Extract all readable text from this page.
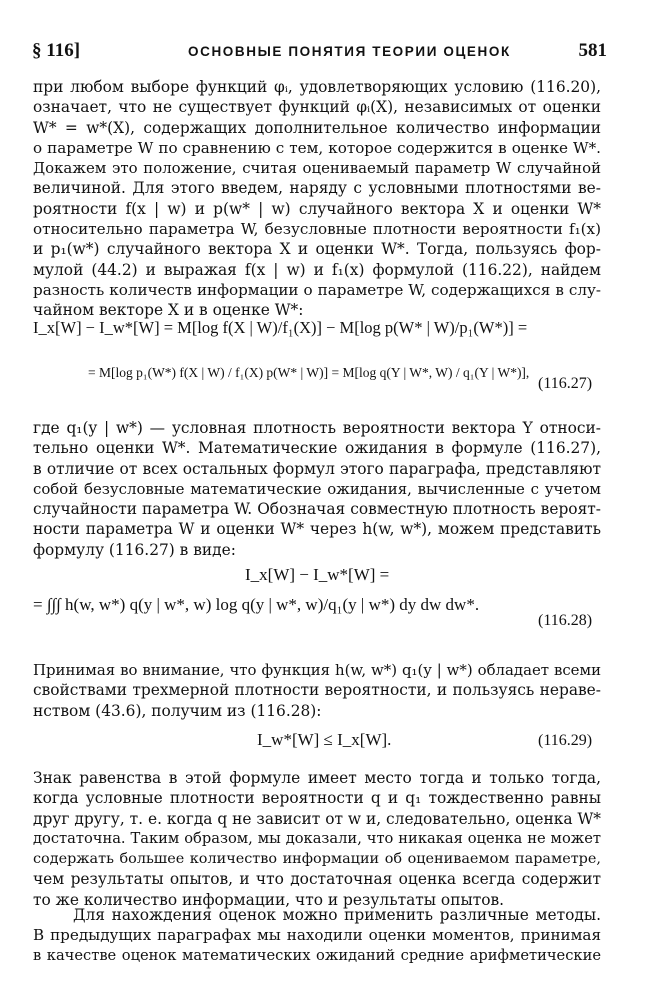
§ 116]	ОСНОВНЫЕ ПОНЯТИЯ ТЕОРИИ ОЦЕНОК	581
при любом выборе функций φᵢ, удовлетворяющих условию (116.20),
означает, что не существует функций φᵢ(X), независимых от оценки
W* = w*(X), содержащих дополнительное количество информации
о параметре W по сравнению с тем, которое содержится в оценке W*.
Докажем это положение, считая оцениваемый параметр W случайной
величиной. Для этого введем, наряду с условными плотностями ве-
роятности f(x | w) и p(w* | w) случайного вектора X и оценки W*
относительно параметра W, безусловные плотности вероятности f₁(x)
и p₁(w*) случайного вектора X и оценки W*. Тогда, пользуясь фор-
мулой (44.2) и выражая f(x | w) и f₁(x) формулой (116.22), найдем
разность количеств информации о параметре W, содержащихся в слу-
чайном векторе X и в оценке W*:
I_x[W] − I_w*[W] = M[log f(X | W)/f₁(X)] − M[log p(W* | W)/p₁(W*)] =
= M[log p₁(W*) f(X | W) / f₁(X) p(W* | W)] = M[log q(Y | W*, W) / q₁(Y | W*)],
(116.27)
где q₁(y | w*) — условная плотность вероятности вектора Y относи-
тельно оценки W*. Математические ожидания в формуле (116.27),
в отличие от всех остальных формул этого параграфа, представляют
собой безусловные математические ожидания, вычисленные с учетом
случайности параметра W. Обозначая совместную плотность вероят-
ности параметра W и оценки W* через h(w, w*), можем представить
формулу (116.27) в виде:
I_x[W] − I_w*[W] =
= ∫∫∫ h(w, w*) q(y | w*, w) log q(y | w*, w)/q₁(y | w*) dy dw dw*.
(116.28)
Принимая во внимание, что функция h(w, w*) q₁(y | w*) обладает всеми
свойствами трехмерной плотности вероятности, и пользуясь нераве-
нством (43.6), получим из (116.28):
I_w*[W] ≤ I_x[W].	(116.29)
Знак равенства в этой формуле имеет место тогда и только тогда,
когда условные плотности вероятности q и q₁ тождественно равны
друг другу, т. е. когда q не зависит от w и, следовательно, оценка W*
достаточна. Таким образом, мы доказали, что никакая оценка не может
содержать большее количество информации об оцениваемом параметре,
чем результаты опытов, и что достаточная оценка всегда содержит
то же количество информации, что и результаты опытов.
Для нахождения оценок можно применить различные методы.
В предыдущих параграфах мы находили оценки моментов, принимая
в качестве оценок математических ожиданий средние арифметические
